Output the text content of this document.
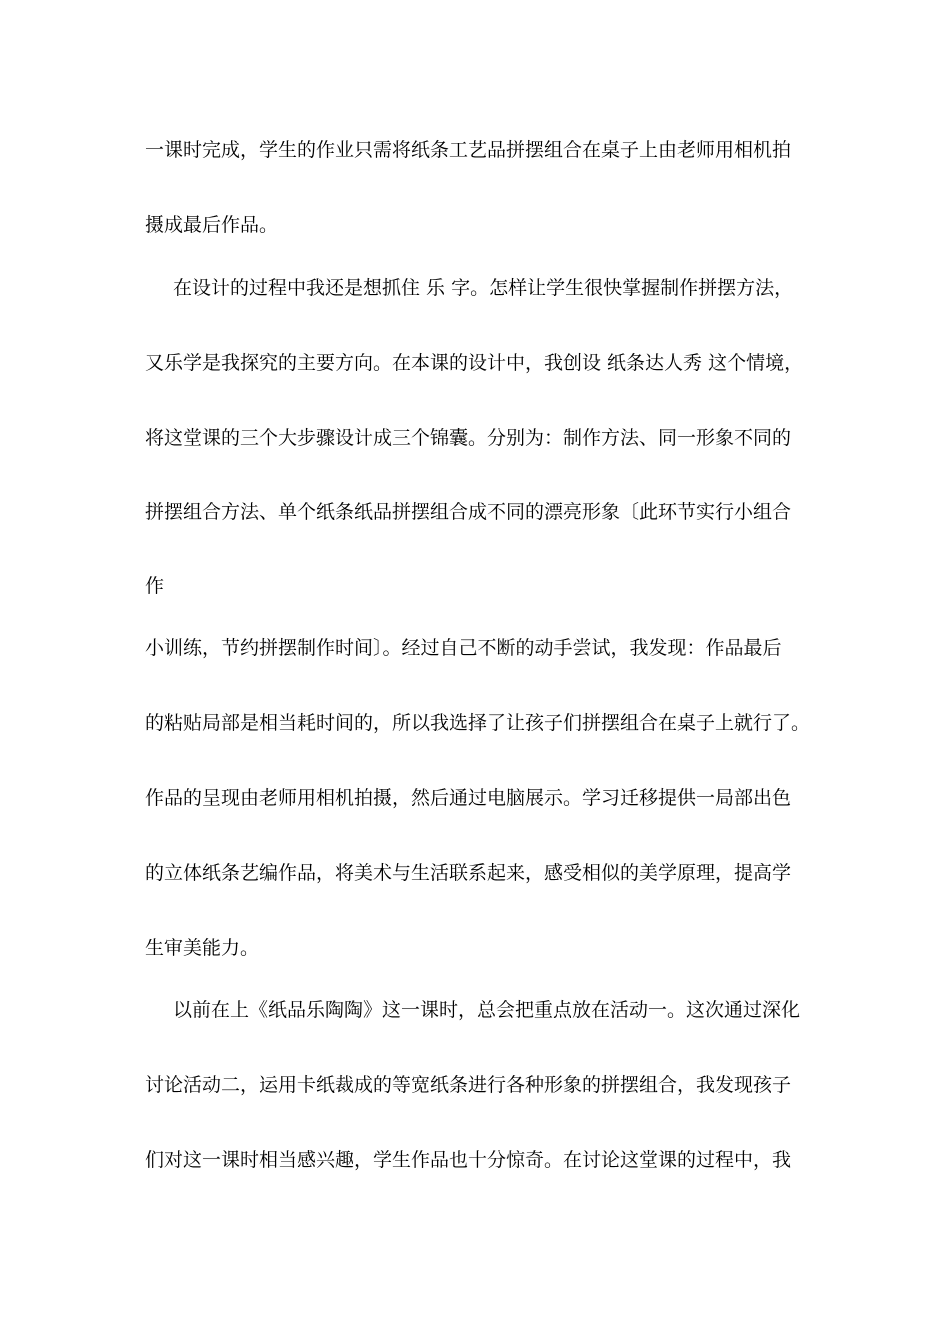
一课时完成，学生的作业只需将纸条工艺品拼摆组合在桌子上由老师用相机拍

摄成最后作品。

在设计的过程中我还是想抓住 乐 字。怎样让学生很快掌握制作拼摆方法，

又乐学是我探究的主要方向。在本课的设计中，我创设 纸条达人秀 这个情境，

将这堂课的三个大步骤设计成三个锦囊。分别为：制作方法、同一形象不同的

拼摆组合方法、单个纸条纸品拼摆组合成不同的漂亮形象〔此环节实行小组合

作

小训练，节约拼摆制作时间〕。经过自己不断的动手尝试，我发现：作品最后

的粘贴局部是相当耗时间的，所以我选择了让孩子们拼摆组合在桌子上就行了。

作品的呈现由老师用相机拍摄，然后通过电脑展示。学习迁移提供一局部出色

的立体纸条艺编作品，将美术与生活联系起来，感受相似的美学原理，提高学

生审美能力。

以前在上《纸品乐陶陶》这一课时，总会把重点放在活动一。这次通过深化

讨论活动二，运用卡纸裁成的等宽纸条进行各种形象的拼摆组合，我发现孩子

们对这一课时相当感兴趣，学生作品也十分惊奇。在讨论这堂课的过程中，我
